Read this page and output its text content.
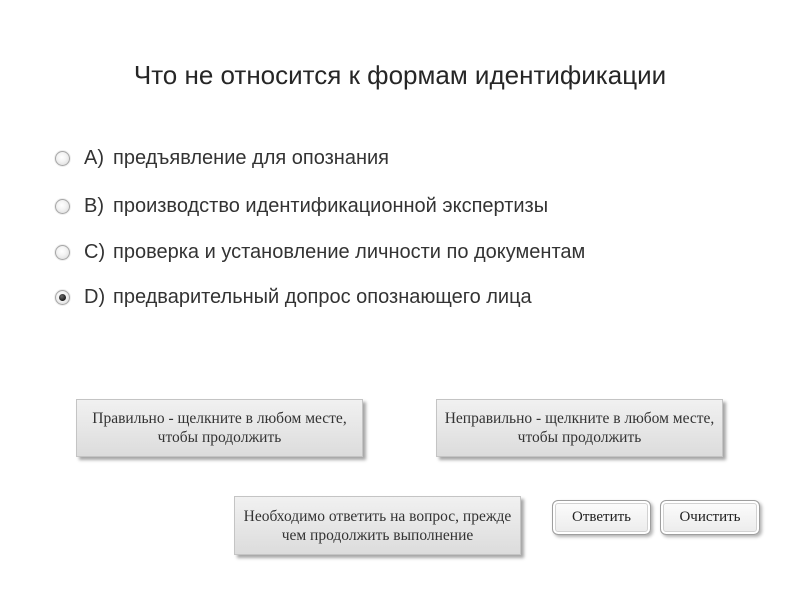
Что не относится к формам идентификации
A) предъявление для опознания
B) производство идентификационной экспертизы
C) проверка и установление личности по документам
D) предварительный допрос опознающего лица
Правильно - щелкните в любом месте,
чтобы продолжить
Неправильно - щелкните в любом месте,
чтобы продолжить
Необходимо ответить на вопрос, прежде
чем продолжить выполнение
Ответить	Очистить
